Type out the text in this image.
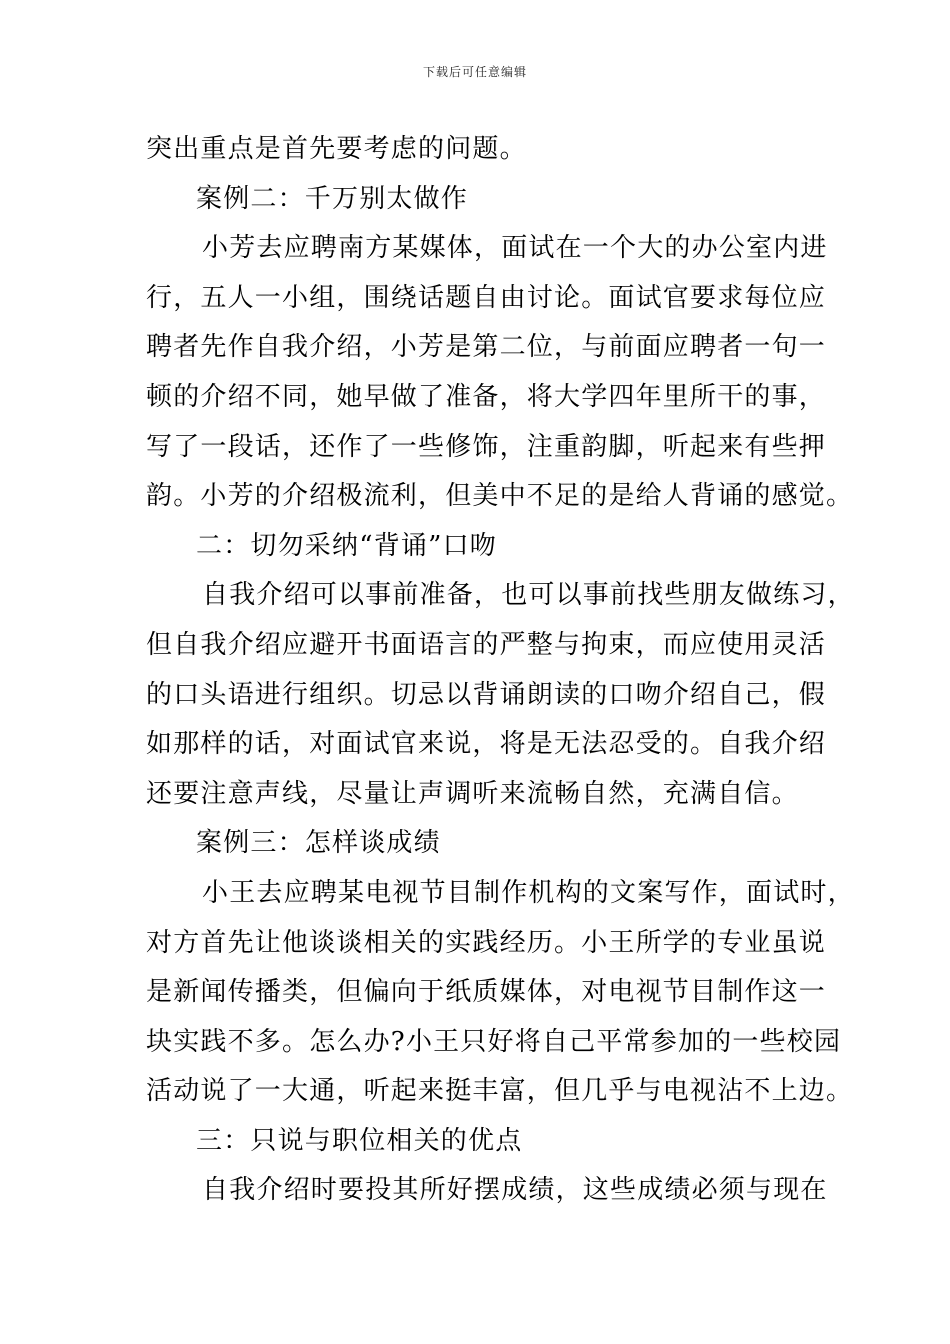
下载后可任意编辑
突出重点是首先要考虑的问题。
案例二：千万别太做作
小芳去应聘南方某媒体，面试在一个大的办公室内进
行，五人一小组，围绕话题自由讨论。面试官要求每位应
聘者先作自我介绍，小芳是第二位，与前面应聘者一句一
顿的介绍不同，她早做了准备，将大学四年里所干的事，
写了一段话，还作了一些修饰，注重韵脚，听起来有些押
韵。小芳的介绍极流利，但美中不足的是给人背诵的感觉。
二：切勿采纳“背诵”口吻
自我介绍可以事前准备，也可以事前找些朋友做练习，
但自我介绍应避开书面语言的严整与拘束，而应使用灵活
的口头语进行组织。切忌以背诵朗读的口吻介绍自己，假
如那样的话，对面试官来说，将是无法忍受的。自我介绍
还要注意声线，尽量让声调听来流畅自然，充满自信。
案例三：怎样谈成绩
小王去应聘某电视节目制作机构的文案写作，面试时，
对方首先让他谈谈相关的实践经历。小王所学的专业虽说
是新闻传播类，但偏向于纸质媒体，对电视节目制作这一
块实践不多。怎么办?小王只好将自己平常参加的一些校园
活动说了一大通，听起来挺丰富，但几乎与电视沾不上边。
三：只说与职位相关的优点
自我介绍时要投其所好摆成绩，这些成绩必须与现在
